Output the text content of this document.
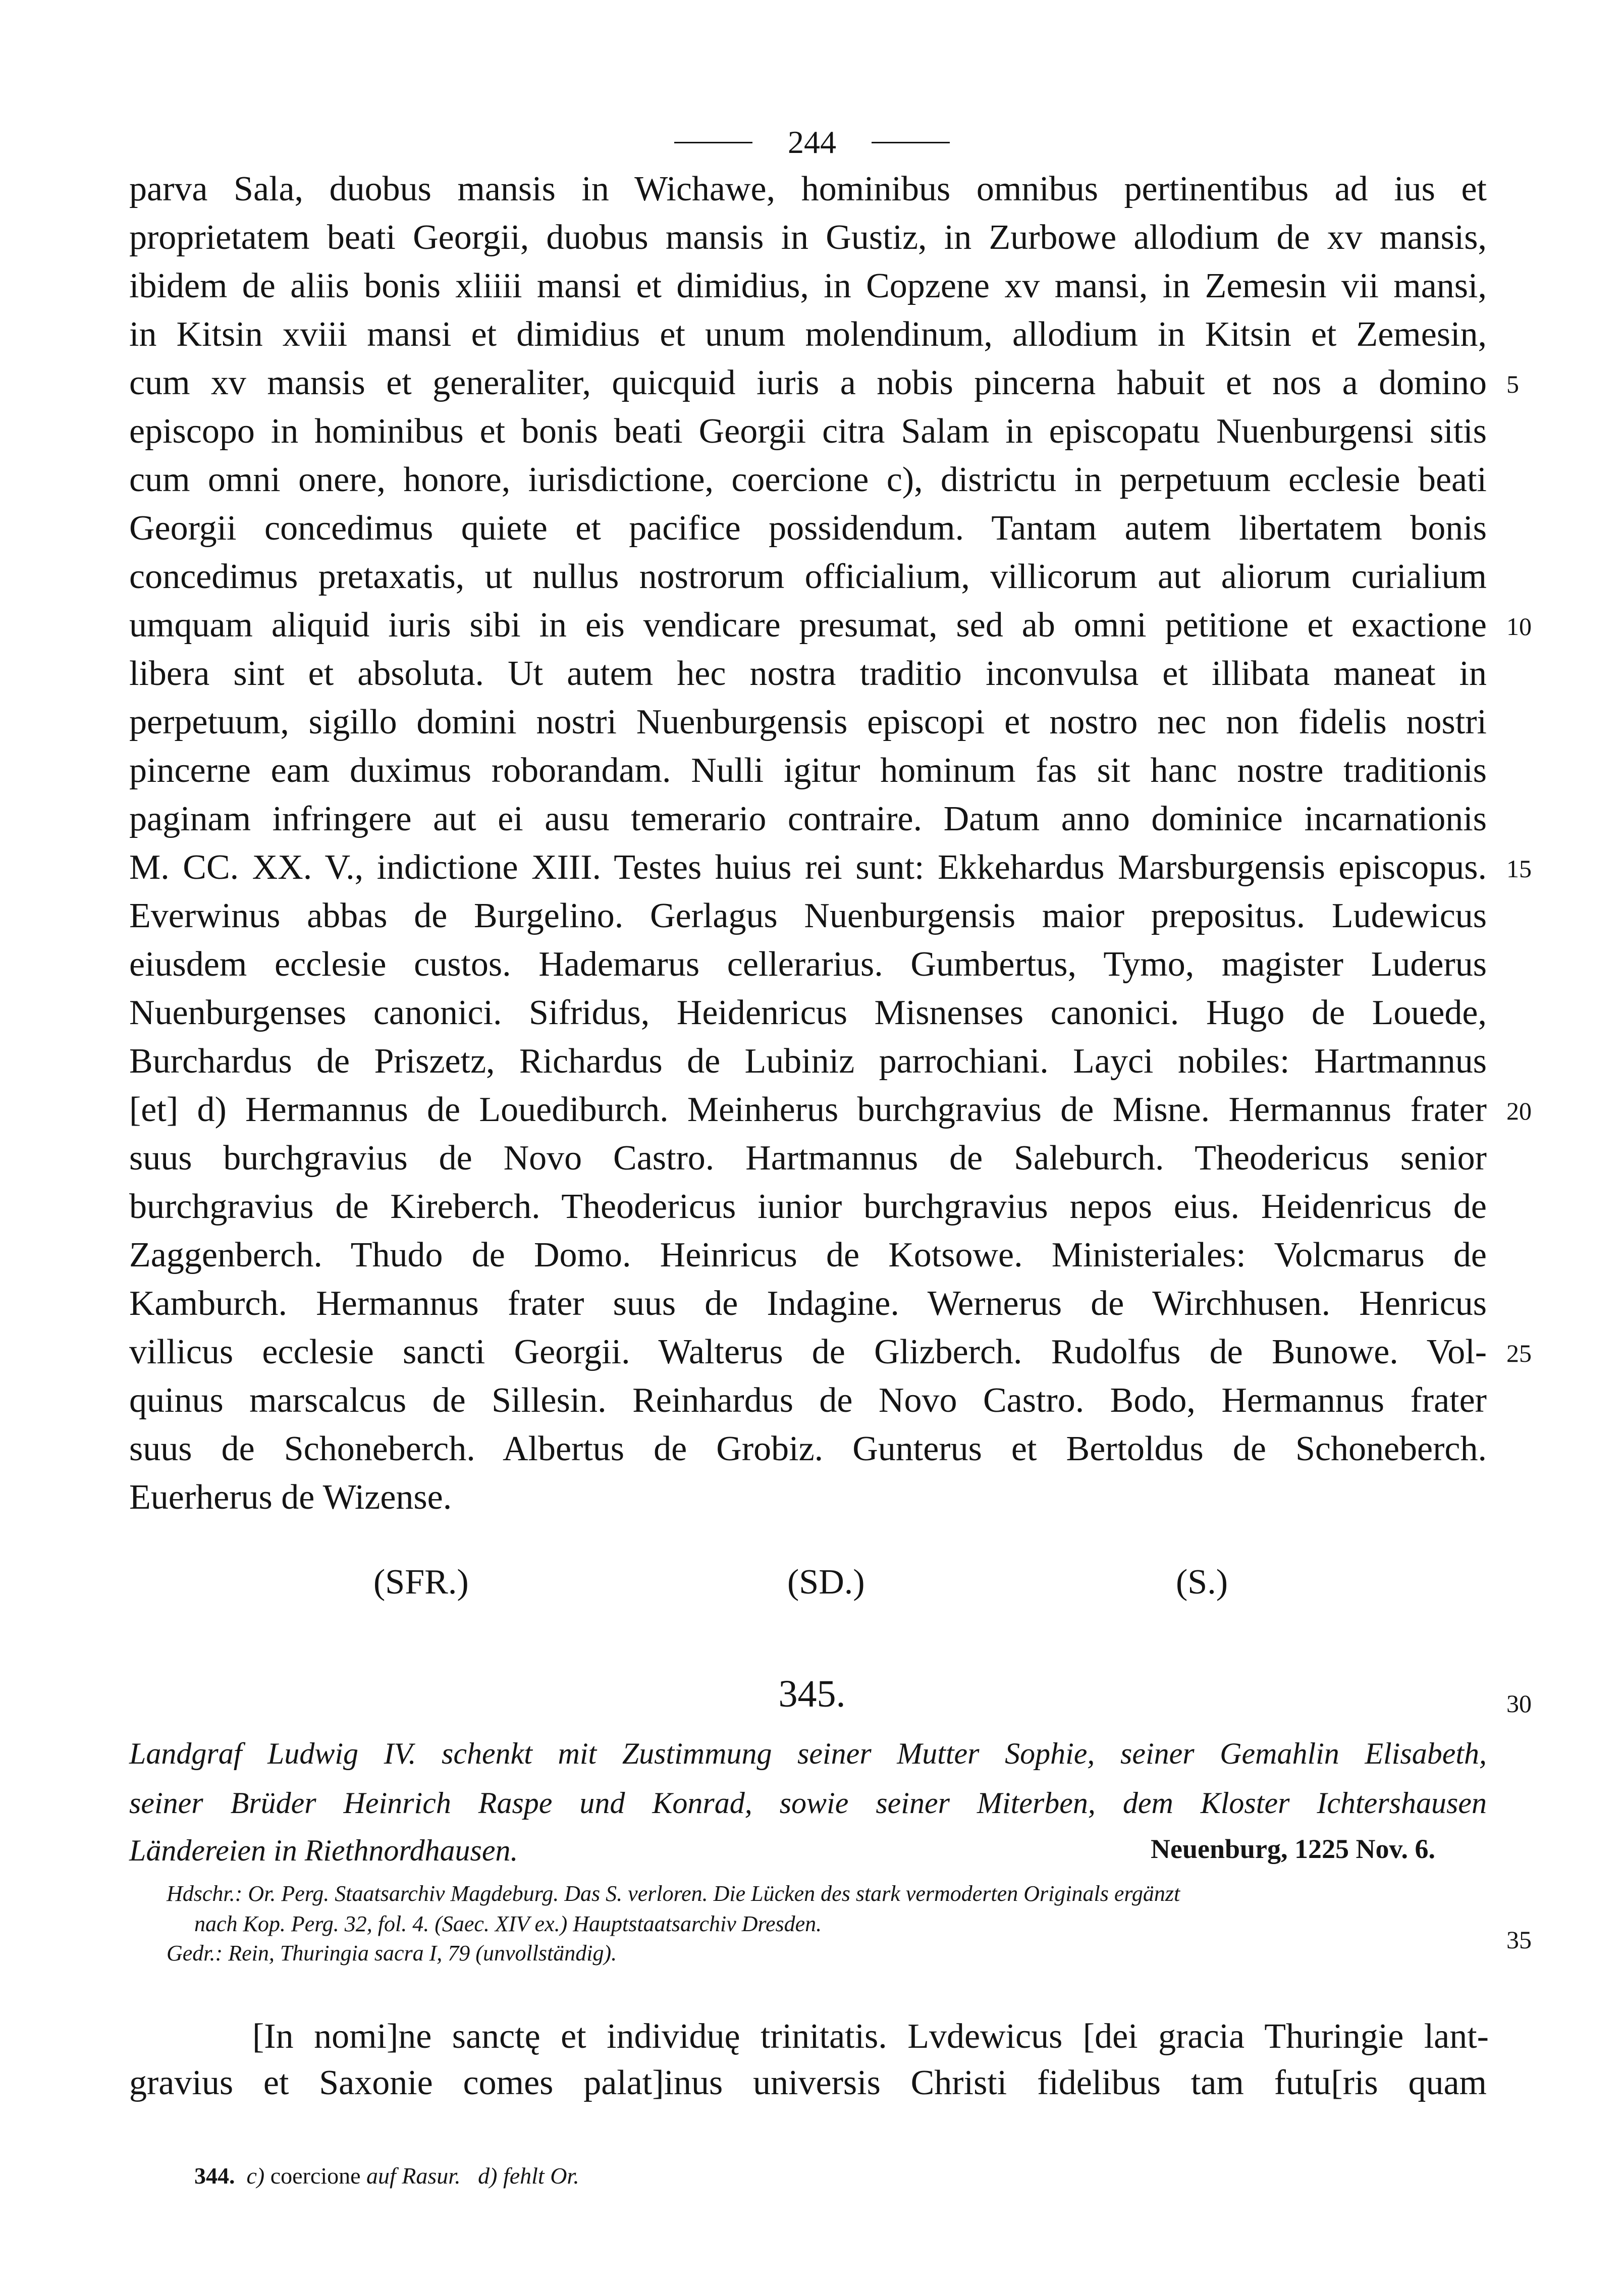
244
parva Sala, duobus mansis in Wichawe, hominibus omnibus pertinentibus ad ius et
proprietatem beati Georgii, duobus mansis in Gustiz, in Zurbowe allodium de xv mansis,
ibidem de aliis bonis xliiii mansi et dimidius, in Copzene xv mansi, in Zemesin vii mansi,
in Kitsin xviii mansi et dimidius et unum molendinum, allodium in Kitsin et Zemesin,
cum xv mansis et generaliter, quicquid iuris a nobis pincerna habuit et nos a domino
episcopo in hominibus et bonis beati Georgii citra Salam in episcopatu Nuenburgensi sitis
cum omni onere, honore, iurisdictione, coercione c), districtu in perpetuum ecclesie beati
Georgii concedimus quiete et pacifice possidendum. Tantam autem libertatem bonis
concedimus pretaxatis, ut nullus nostrorum officialium, villicorum aut aliorum curialium
umquam aliquid iuris sibi in eis vendicare presumat, sed ab omni petitione et exactione
libera sint et absoluta. Ut autem hec nostra traditio inconvulsa et illibata maneat in
perpetuum, sigillo domini nostri Nuenburgensis episcopi et nostro nec non fidelis nostri
pincerne eam duximus roborandam. Nulli igitur hominum fas sit hanc nostre traditionis
paginam infringere aut ei ausu temerario contraire. Datum anno dominice incarnationis
M. CC. XX. V., indictione XIII. Testes huius rei sunt: Ekkehardus Marsburgensis episcopus.
Everwinus abbas de Burgelino. Gerlagus Nuenburgensis maior prepositus. Ludewicus
eiusdem ecclesie custos. Hademarus cellerarius. Gumbertus, Tymo, magister Luderus
Nuenburgenses canonici. Sifridus, Heidenricus Misnenses canonici. Hugo de Louede,
Burchardus de Priszetz, Richardus de Lubiniz parrochiani. Layci nobiles: Hartmannus
[et] d) Hermannus de Louediburch. Meinherus burchgravius de Misne. Hermannus frater
suus burchgravius de Novo Castro. Hartmannus de Saleburch. Theodericus senior
burchgravius de Kireberch. Theodericus iunior burchgravius nepos eius. Heidenricus de
Zaggenberch. Thudo de Domo. Heinricus de Kotsowe. Ministeriales: Volcmarus de
Kamburch. Hermannus frater suus de Indagine. Wernerus de Wirchhusen. Henricus
villicus ecclesie sancti Georgii. Walterus de Glizberch. Rudolfus de Bunowe. Vol-
quinus marscalcus de Sillesin. Reinhardus de Novo Castro. Bodo, Hermannus frater
suus de Schoneberch. Albertus de Grobiz. Gunterus et Bertoldus de Schoneberch.
Euerherus de Wizense.
5
10
15
20
25
30
35
(SFR.)	(SD.)	(S.)
345.
Landgraf Ludwig IV. schenkt mit Zustimmung seiner Mutter Sophie, seiner Gemahlin Elisabeth,
seiner Brüder Heinrich Raspe und Konrad, sowie seiner Miterben, dem Kloster Ichtershausen
Ländereien in Riethnordhausen.	Neuenburg, 1225 Nov. 6.
Hdschr.: Or. Perg. Staatsarchiv Magdeburg. Das S. verloren. Die Lücken des stark vermoderten Originals ergänzt
nach Kop. Perg. 32, fol. 4. (Saec. XIV ex.) Hauptstaatsarchiv Dresden.
Gedr.: Rein, Thuringia sacra I, 79 (unvollständig).
[In nomi]ne sanctę et individuę trinitatis. Lvdewicus [dei gracia Thuringie lant-
gravius et Saxonie comes palat]inus universis Christi fidelibus tam futu[ris quam
344. c) coercione auf Rasur. d) fehlt Or.
